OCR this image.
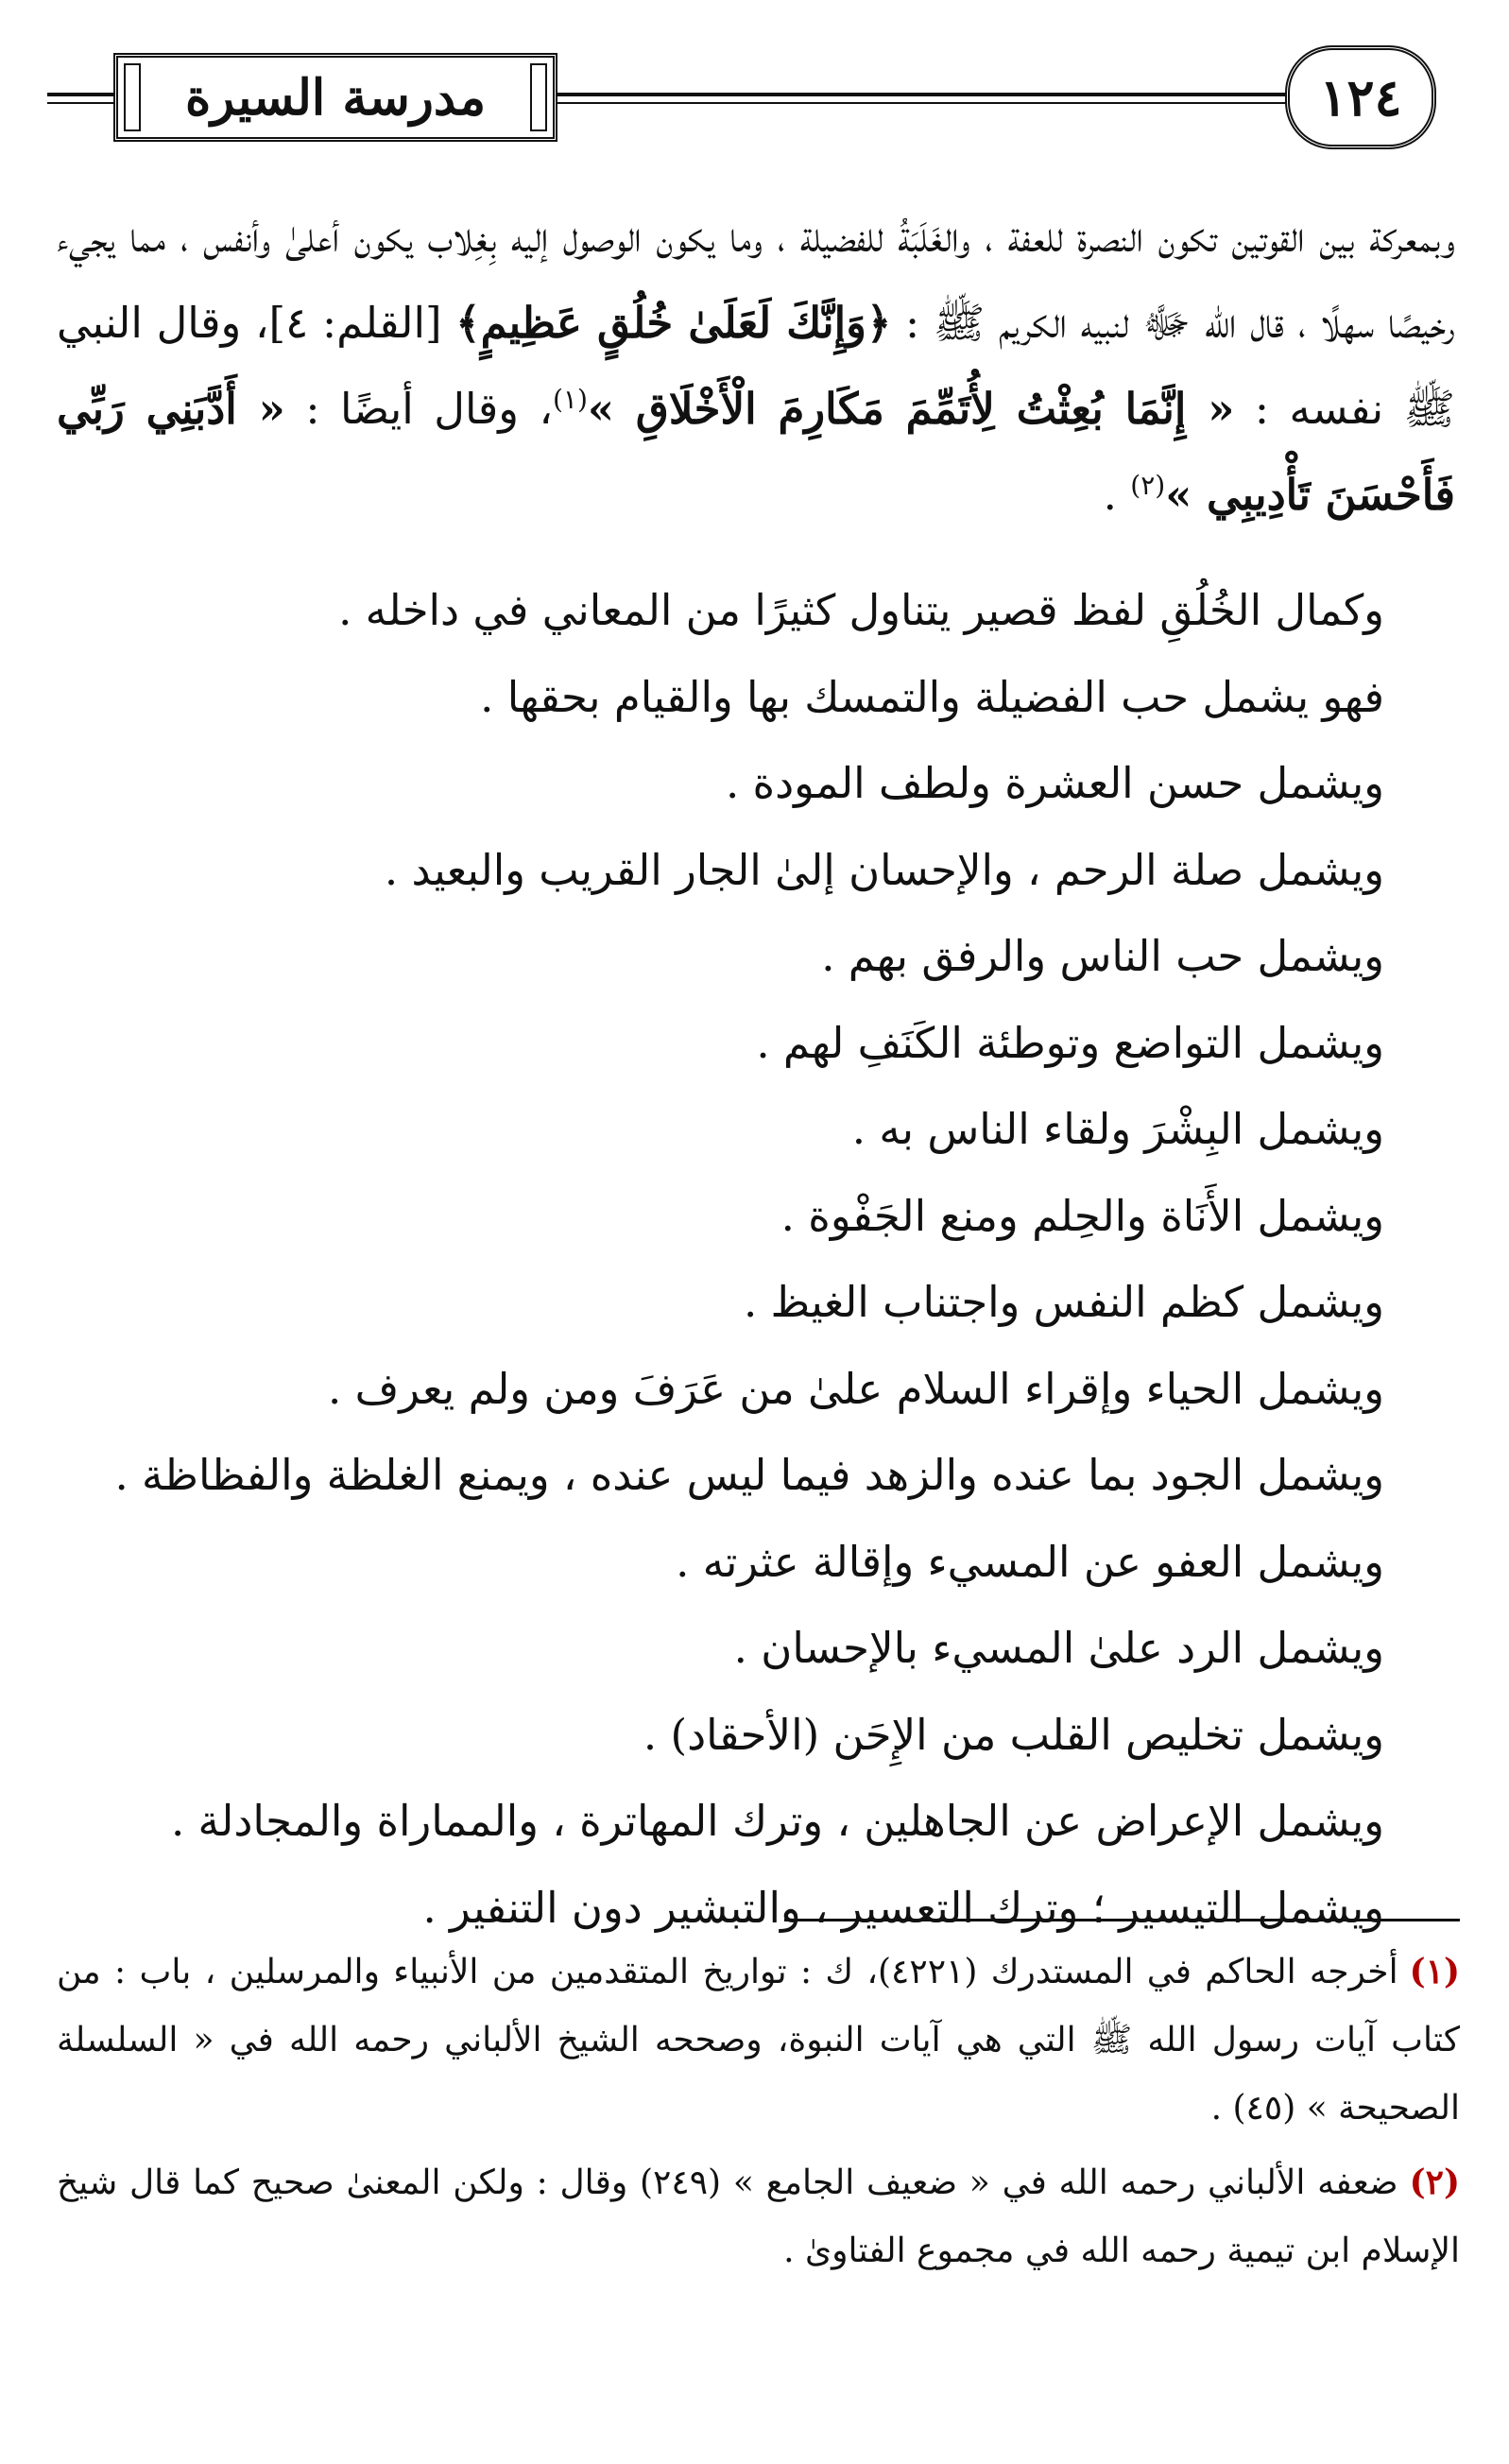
مدرسة السيرة	١٢٤
وبمعركة بين القوتين تكون النصرة للعفة ، والغَلَبَةُ للفضيلة ، وما يكون الوصول إليه بِغِلاب يكون أعلىٰ وأنفس ، مما يجيء رخيصًا سهلًا ، قال الله ﷻ لنبيه الكريم ﷺ : ﴿وَإِنَّكَ لَعَلَىٰ خُلُقٍ عَظِيمٍ﴾ [القلم: ٤]، وقال النبي ﷺ نفسه : « إِنَّمَا بُعِثْتُ لِأُتَمِّمَ مَكَارِمَ الْأَخْلَاقِ »$^{(١)}$، وقال أيضًا : « أَدَّبَنِي رَبِّي فَأَحْسَنَ تَأْدِيبِي »$^{(٢)}$ .
وكمال الخُلُقِ لفظ قصير يتناول كثيرًا من المعاني في داخله .
فهو يشمل حب الفضيلة والتمسك بها والقيام بحقها .
ويشمل حسن العشرة ولطف المودة .
ويشمل صلة الرحم ، والإحسان إلىٰ الجار القريب والبعيد .
ويشمل حب الناس والرفق بهم .
ويشمل التواضع وتوطئة الكَنَفِ لهم .
ويشمل البِشْرَ ولقاء الناس به .
ويشمل الأَنَاة والحِلم ومنع الجَفْوة .
ويشمل كظم النفس واجتناب الغيظ .
ويشمل الحياء وإقراء السلام علىٰ من عَرَفَ ومن ولم يعرف .
ويشمل الجود بما عنده والزهد فيما ليس عنده ، ويمنع الغلظة والفظاظة .
ويشمل العفو عن المسيء وإقالة عثرته .
ويشمل الرد علىٰ المسيء بالإحسان .
ويشمل تخليص القلب من الإِحَن (الأحقاد) .
ويشمل الإعراض عن الجاهلين ، وترك المهاترة ، والمماراة والمجادلة .
ويشمل التيسير ؛ وترك التعسير ، والتبشير دون التنفير .
(١)أخرجه الحاكم في المستدرك (٤٢٢١)، ك : تواريخ المتقدمين من الأنبياء والمرسلين ، باب : من كتاب آيات رسول الله ﷺ التي هي آيات النبوة، وصححه الشيخ الألباني رحمه الله في « السلسلة الصحيحة » (٤٥) .
(٢)ضعفه الألباني رحمه الله في « ضعيف الجامع » (٢٤٩) وقال : ولكن المعنىٰ صحيح كما قال شيخ الإسلام ابن تيمية رحمه الله في مجموع الفتاوىٰ .
